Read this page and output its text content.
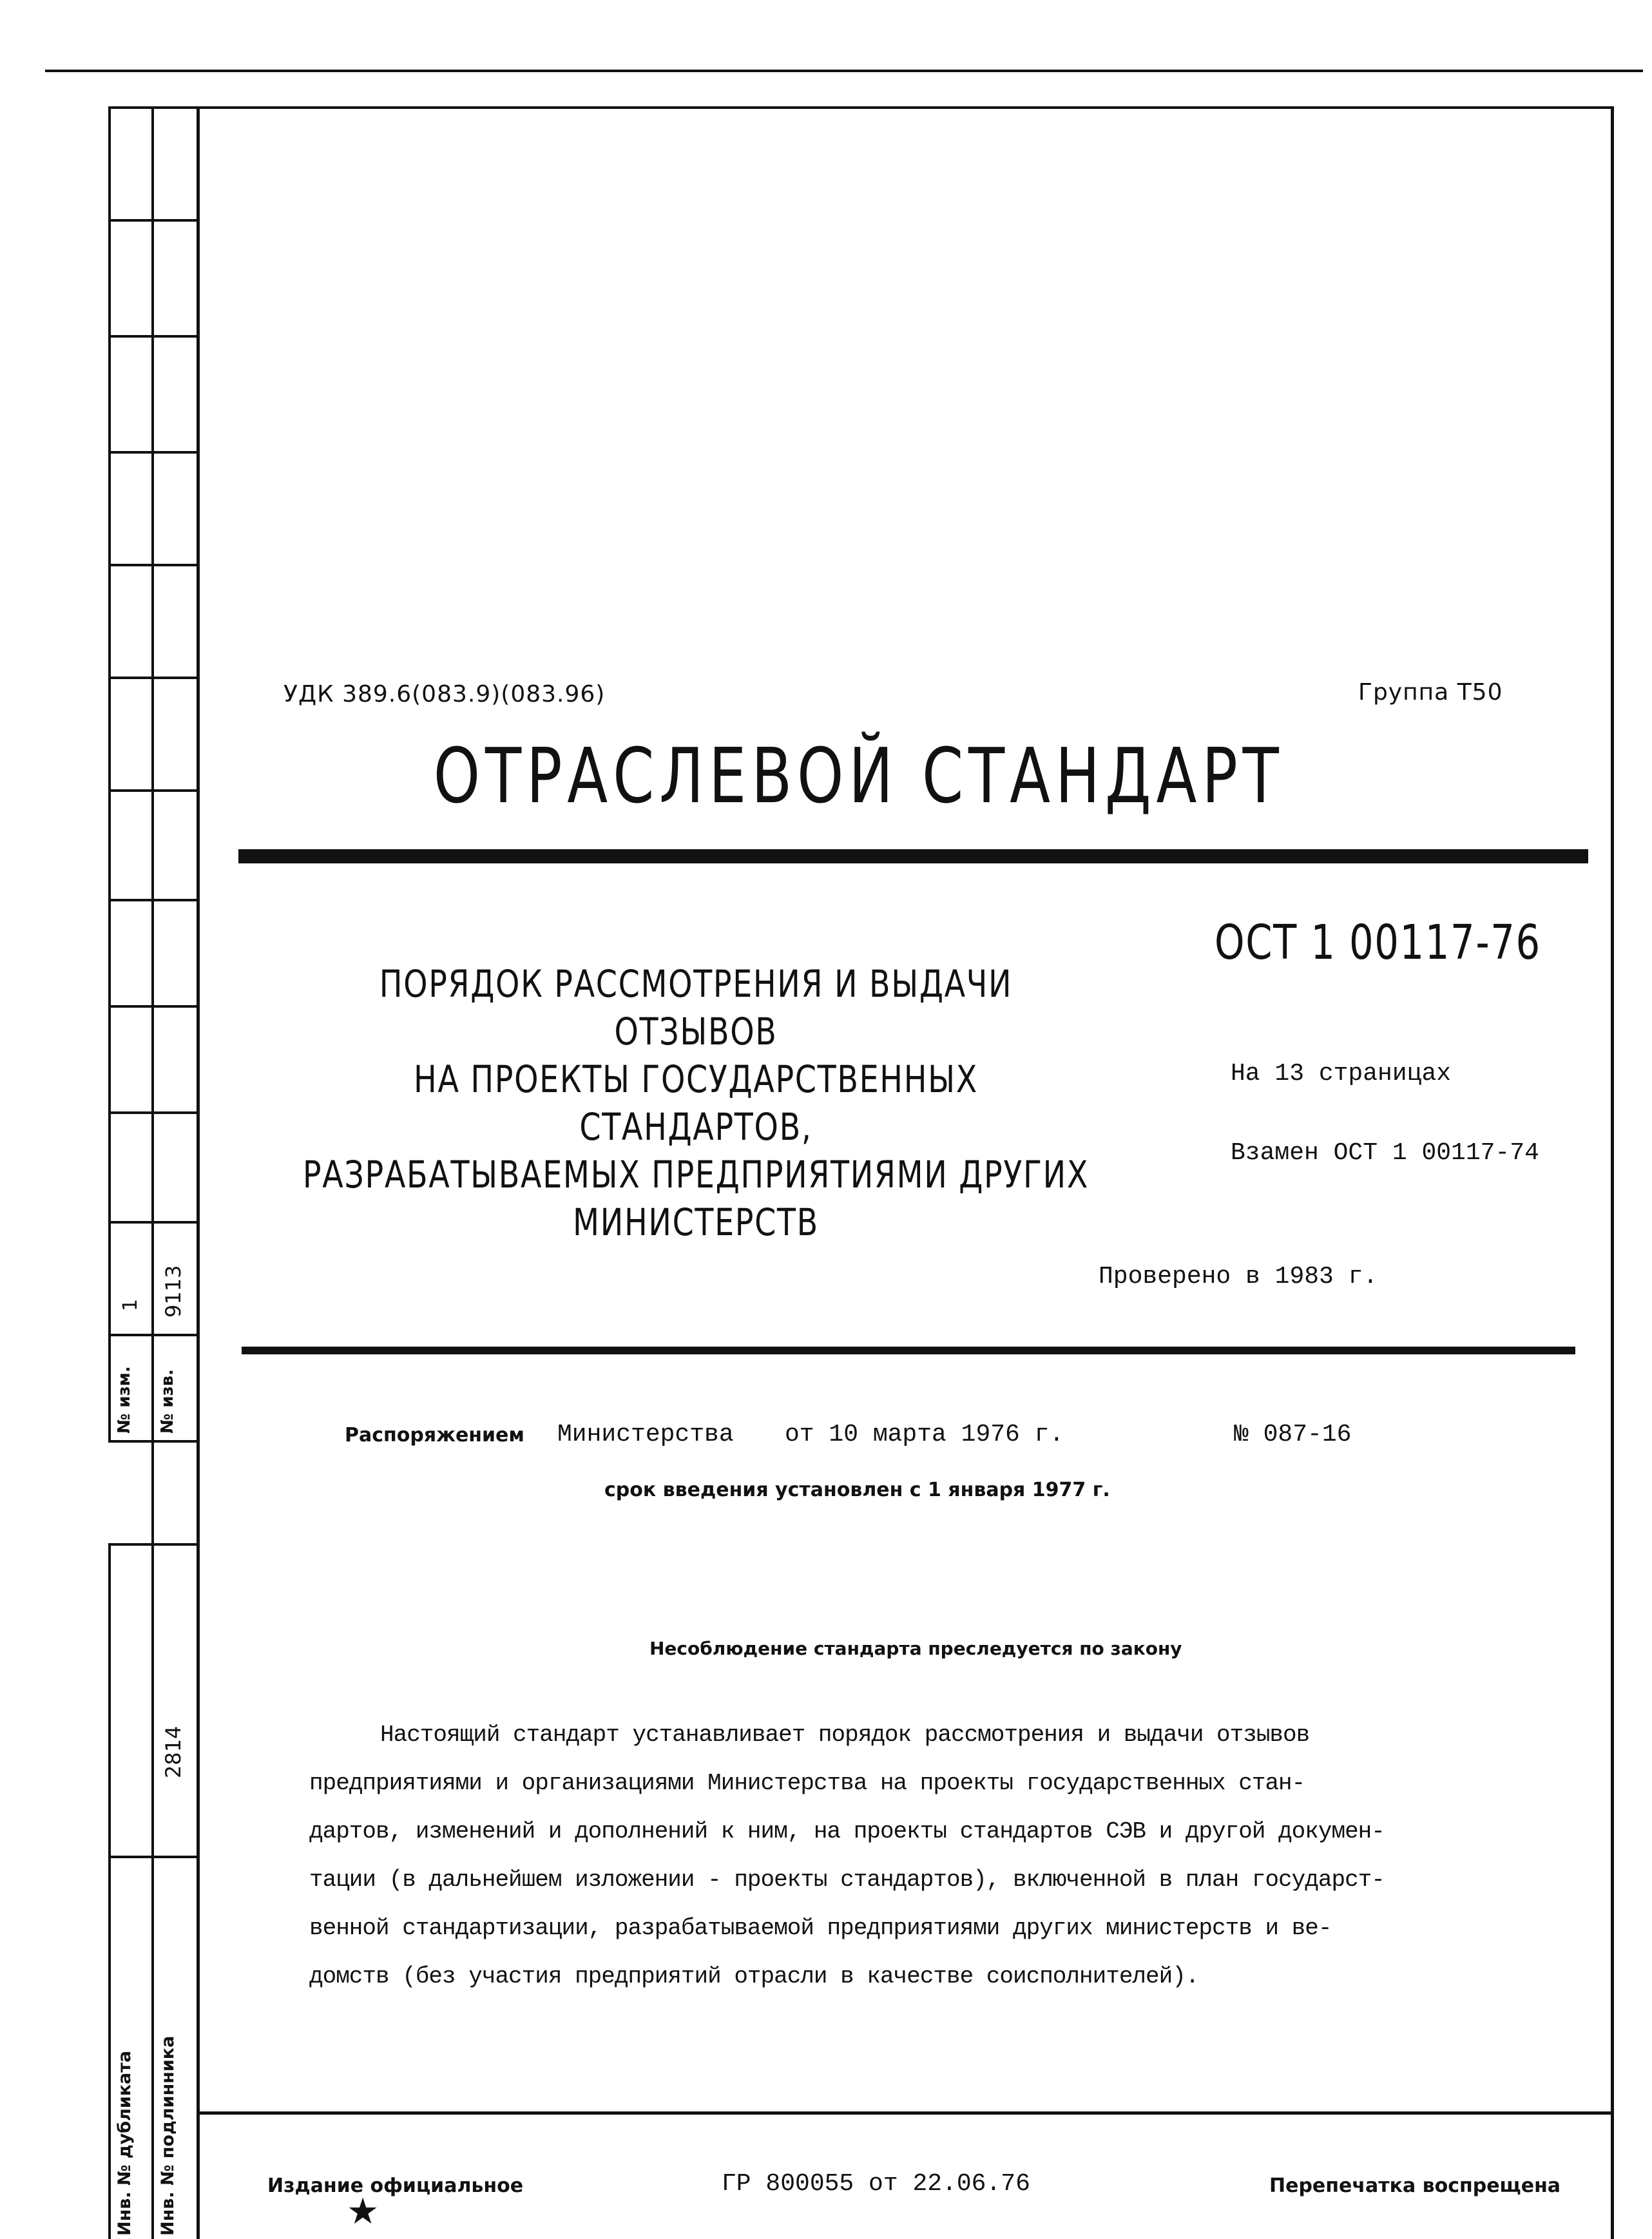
1 9113
№ изм. № изв.
2814
Инв. № дубликата Инв. № подлинника
УДК 389.6(083.9)(083.96)	Группа Т50
ОТРАСЛЕВОЙ СТАНДАРТ
ОСТ 1 00117-76
ПОРЯДОК РАССМОТРЕНИЯ И ВЫДАЧИ ОТЗЫВОВ
НА ПРОЕКТЫ ГОСУДАРСТВЕННЫХ СТАНДАРТОВ,
РАЗРАБАТЫВАЕМЫХ ПРЕДПРИЯТИЯМИ ДРУГИХ
МИНИСТЕРСТВ
На 13 страницах
Взамен ОСТ 1 00117-74
Проверено в 1983 г.
Распоряжением Министерства от 10 марта 1976 г.	№ 087-16
срок введения установлен с 1 января 1977 г.
Несоблюдение стандарта преследуется по закону

Настоящий стандарт устанавливает порядок рассмотрения и выдачи отзывов

предприятиями и организациями Министерства на проекты государственных стан-

дартов, изменений и дополнений к ним, на проекты стандартов СЭВ и другой докумен-

тации (в дальнейшем изложении - проекты стандартов), включенной в план государст-

венной стандартизации, разрабатываемой предприятиями других министерств и ве-

домств (без участия предприятий отрасли в качестве соисполнителей).

Издание официальное
★
ГР 800055 от 22.06.76	Перепечатка воспрещена
